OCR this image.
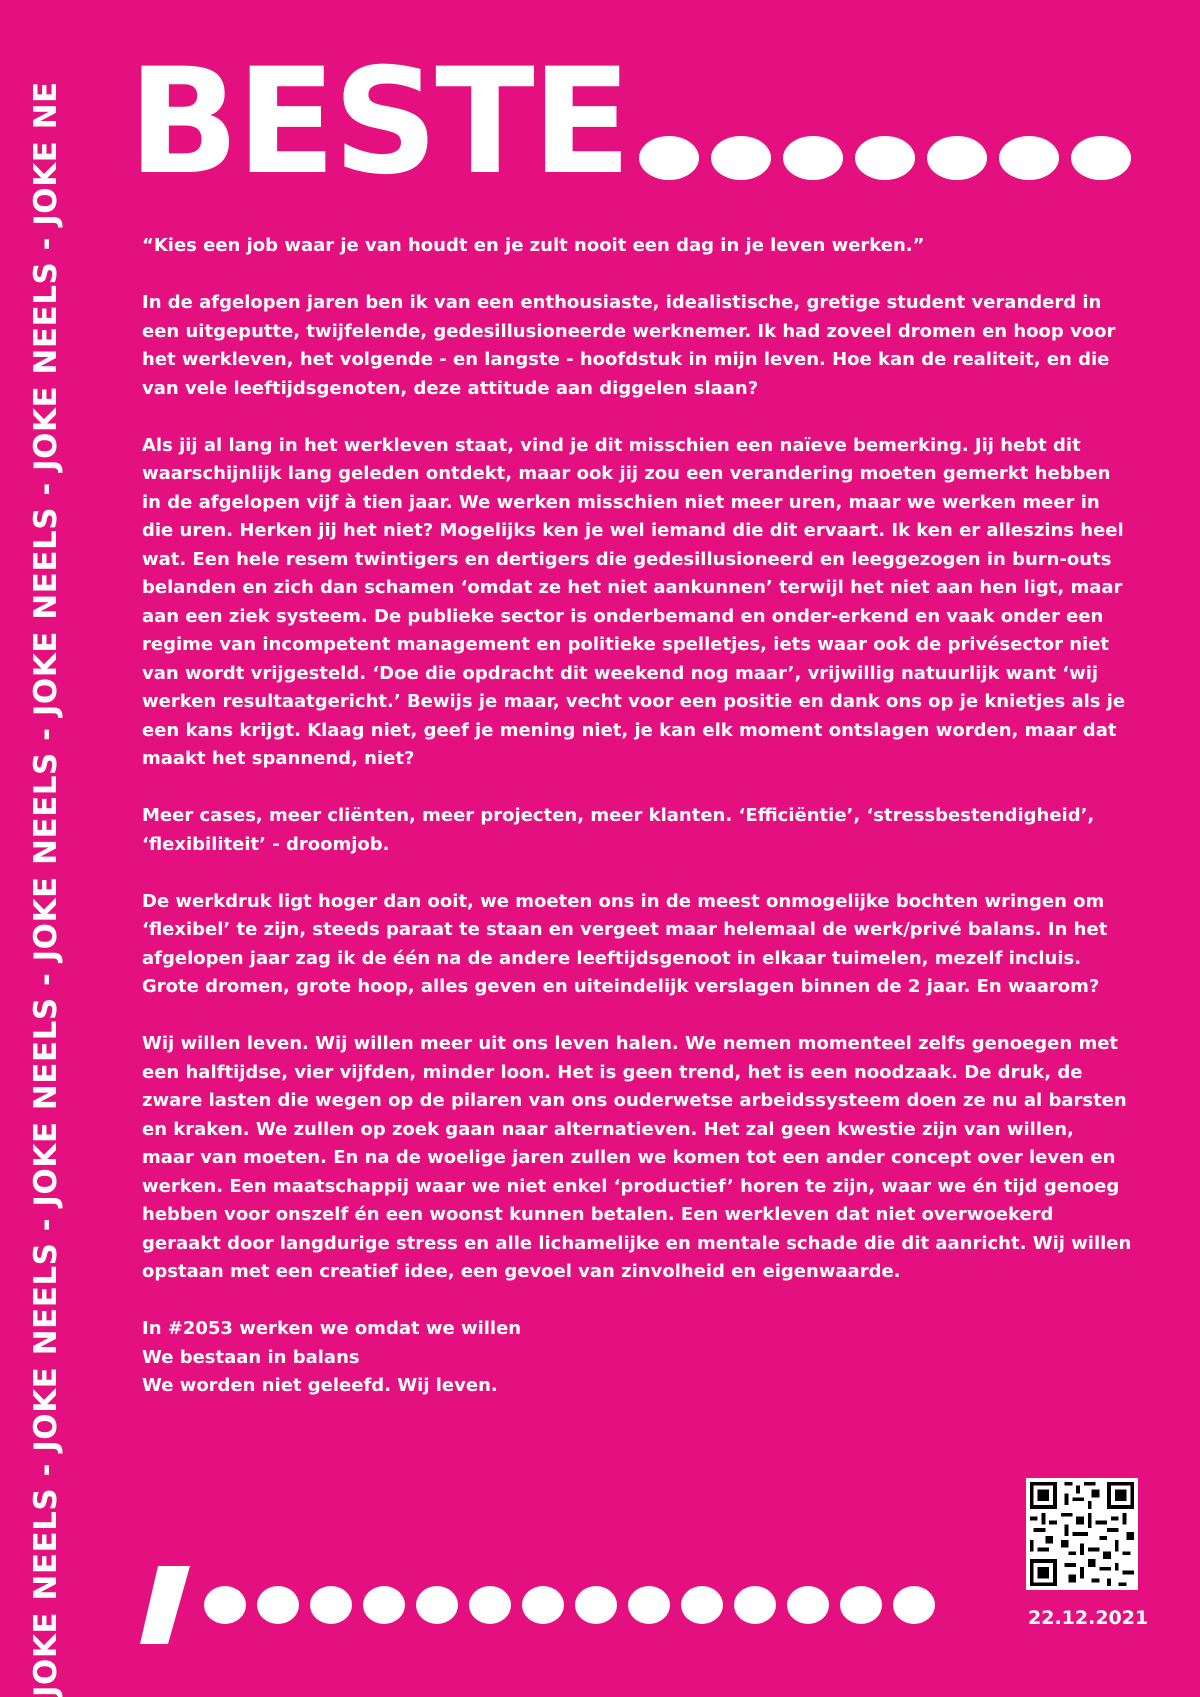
JOKE NEELS - JOKE NEELS - JOKE NEELS - JOKE NEELS - JOKE NEELS - JOKE NEELS - JOKE NE BESTE

“Kies een job waar je van houdt en je zult nooit een dag in je leven werken.”

In de afgelopen jaren ben ik van een enthousiaste, idealistische, gretige student veranderd in een uitgeputte, twijfelende, gedesillusioneerde werknemer. Ik had zoveel dromen en hoop voor het werkleven, het volgende - en langste - hoofdstuk in mijn leven. Hoe kan de realiteit, en die van vele leeftijdsgenoten, deze attitude aan diggelen slaan?

Als jij al lang in het werkleven staat, vind je dit misschien een naïeve bemerking. Jij hebt dit waarschijnlijk lang geleden ontdekt, maar ook jij zou een verandering moeten gemerkt hebben in de afgelopen vijf à tien jaar. We werken misschien niet meer uren, maar we werken meer in die uren. Herken jij het niet? Mogelijks ken je wel iemand die dit ervaart. Ik ken er alleszins heel wat. Een hele resem twintigers en dertigers die gedesillusioneerd en leeggezogen in burn-outs belanden en zich dan schamen ‘omdat ze het niet aankunnen’ terwijl het niet aan hen ligt, maar aan een ziek systeem. De publieke sector is onderbemand en onder-erkend en vaak onder een regime van incompetent management en politieke spelletjes, iets waar ook de privésector niet van wordt vrijgesteld. ‘Doe die opdracht dit weekend nog maar’, vrijwillig natuurlijk want ‘wij werken resultaatgericht.’ Bewijs je maar, vecht voor een positie en dank ons op je knietjes als je een kans krijgt. Klaag niet, geef je mening niet, je kan elk moment ontslagen worden, maar dat maakt het spannend, niet?

Meer cases, meer cliënten, meer projecten, meer klanten. ‘Efficiëntie’, ‘stressbestendigheid’, ‘flexibiliteit’ - droomjob.

De werkdruk ligt hoger dan ooit, we moeten ons in de meest onmogelijke bochten wringen om ‘flexibel’ te zijn, steeds paraat te staan en vergeet maar helemaal de werk/privé balans. In het afgelopen jaar zag ik de één na de andere leeftijdsgenoot in elkaar tuimelen, mezelf incluis. Grote dromen, grote hoop, alles geven en uiteindelijk verslagen binnen de 2 jaar. En waarom?

Wij willen leven. Wij willen meer uit ons leven halen. We nemen momenteel zelfs genoegen met een halftijdse, vier vijfden, minder loon. Het is geen trend, het is een noodzaak. De druk, de zware lasten die wegen op de pilaren van ons ouderwetse arbeidssysteem doen ze nu al barsten en kraken. We zullen op zoek gaan naar alternatieven. Het zal geen kwestie zijn van willen, maar van moeten. En na de woelige jaren zullen we komen tot een ander concept over leven en werken. Een maatschappij waar we niet enkel ‘productief’ horen te zijn, waar we én tijd genoeg hebben voor onszelf én een woonst kunnen betalen. Een werkleven dat niet overwoekerd geraakt door langdurige stress en alle lichamelijke en mentale schade die dit aanricht. Wij willen opstaan met een creatief idee, een gevoel van zinvolheid en eigenwaarde.

In #2053 werken we omdat we willen

We bestaan in balans

We worden niet geleefd. Wij leven.

22.12.2021
